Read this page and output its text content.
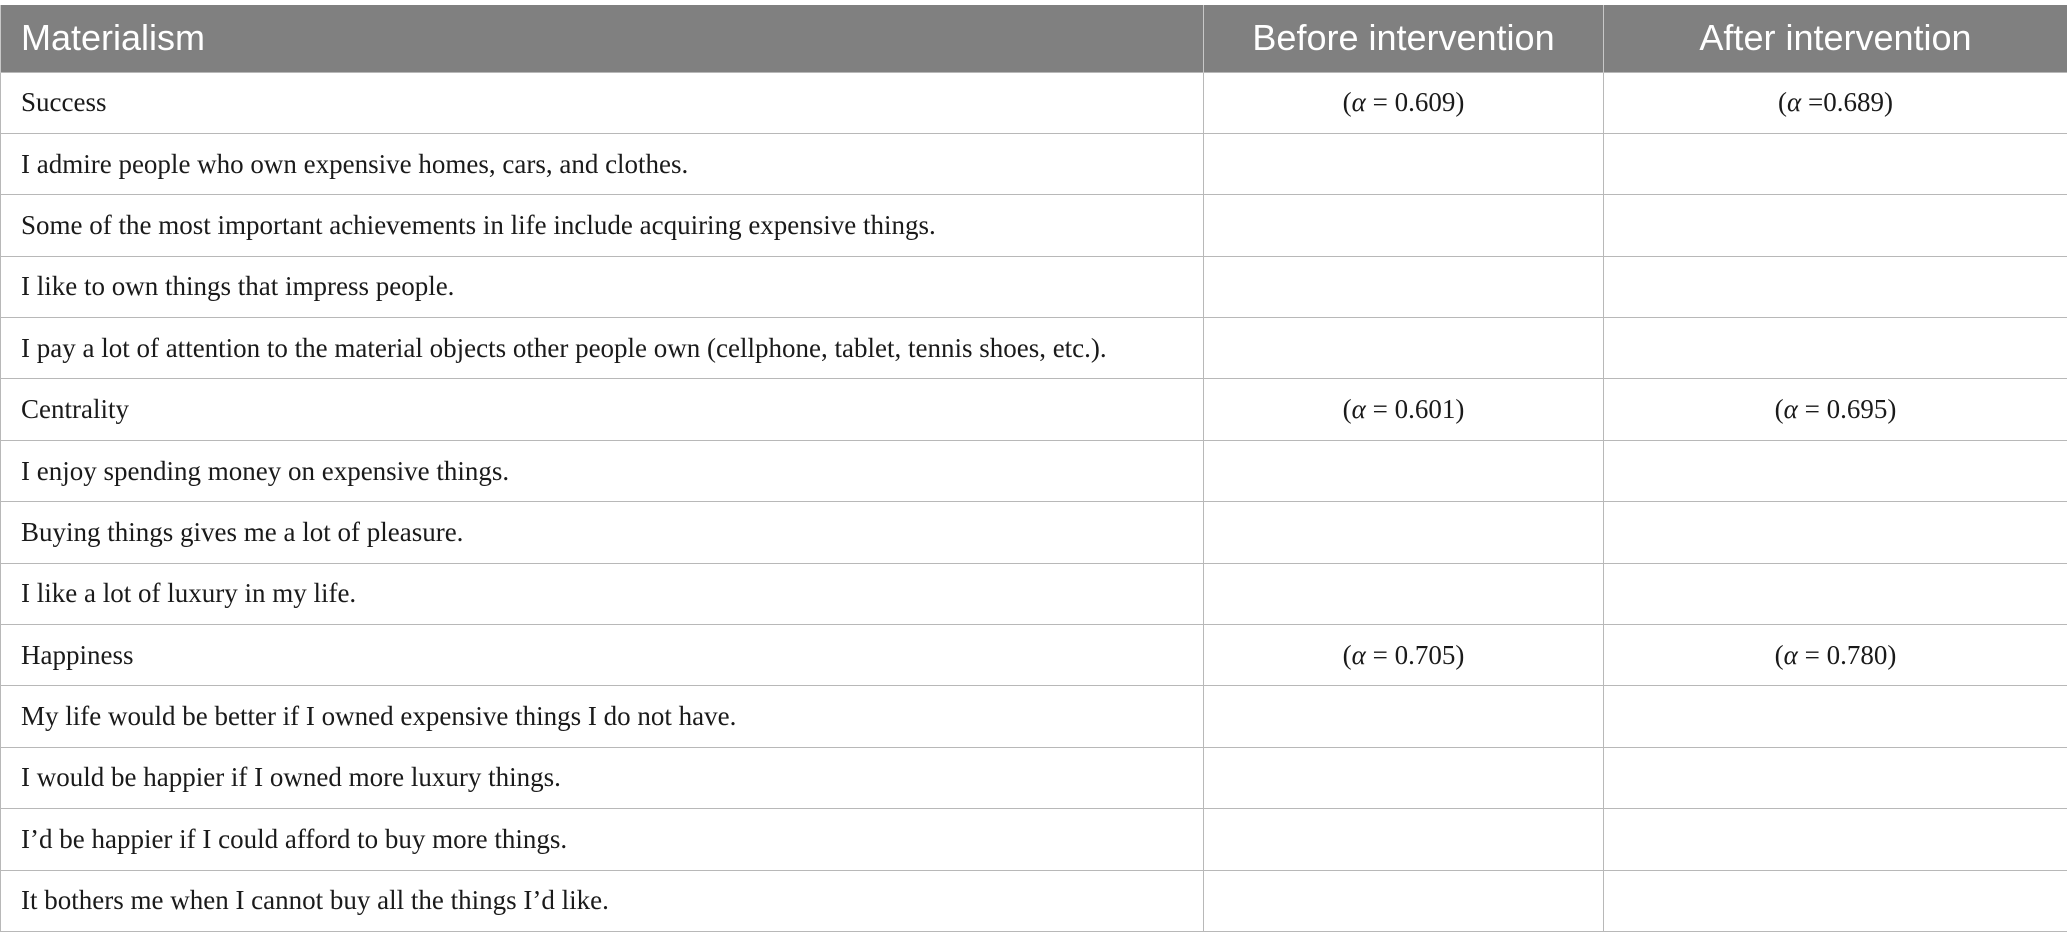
Materialism	Before intervention	After intervention
Success	(α = 0.609)	(α =0.689)
I admire people who own expensive homes, cars, and clothes.		
Some of the most important achievements in life include acquiring expensive things.		
I like to own things that impress people.		
I pay a lot of attention to the material objects other people own (cellphone, tablet, tennis shoes, etc.).		
Centrality	(α = 0.601)	(α = 0.695)
I enjoy spending money on expensive things.		
Buying things gives me a lot of pleasure.		
I like a lot of luxury in my life.		
Happiness	(α = 0.705)	(α = 0.780)
My life would be better if I owned expensive things I do not have.		
I would be happier if I owned more luxury things.		
I’d be happier if I could afford to buy more things.		
It bothers me when I cannot buy all the things I’d like.		
